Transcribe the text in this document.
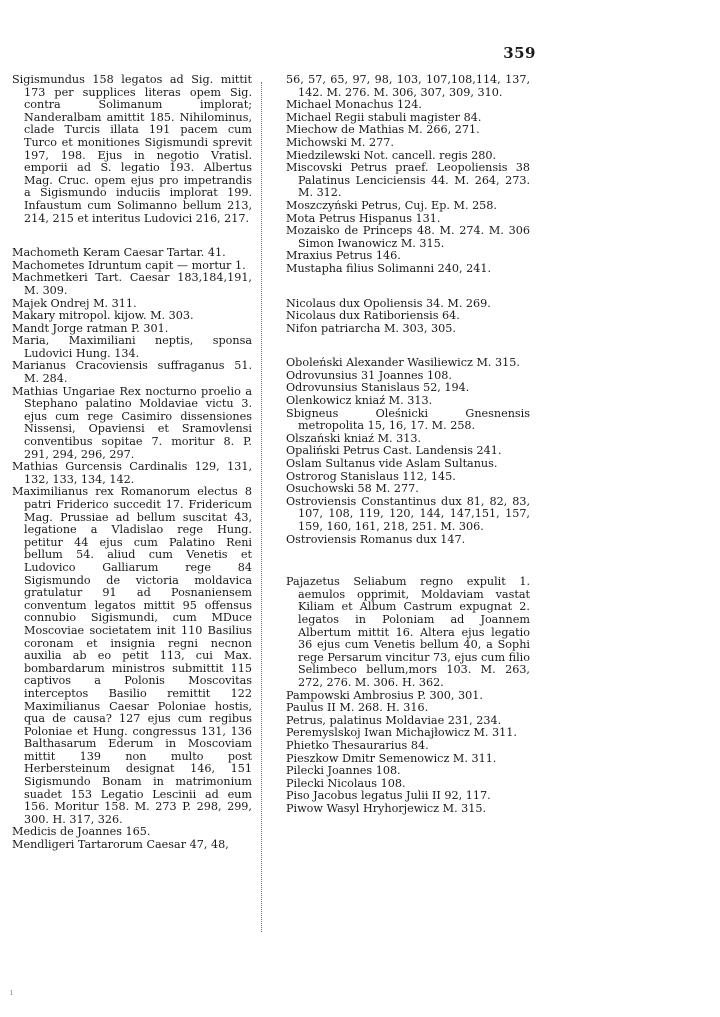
359

Sigismundus 158 legatos ad Sig. mittit 173 per supplices literas opem Sig. contra Solimanum implorat; Nanderalbam amittit 185. Nihilominus, clade Turcis illata 191 pacem cum Turco et monitiones Sigismundi sprevit 197, 198. Ejus in negotio Vratisl. emporii ad S. legatio 193. Albertus Mag. Cruc. opem ejus pro impetrandis a Sigismundo induciis implorat 199. Infaustum cum Solimanno bellum 213, 214, 215 et interitus Ludovici 216, 217.

Machometh Keram Caesar Tartar. 41.

Machometes Idruntum capit — mortur 1.

Machmetkeri Tart. Caesar 183,184,191, M. 309.

Majek Ondrej M. 311.

Makary mitropol. kijow. M. 303.

Mandt Jorge ratman P. 301.

Maria, Maximiliani neptis, sponsa Ludovici Hung. 134.

Marianus Cracoviensis suffraganus 51. M. 284.

Mathias Ungariae Rex nocturno proelio a Stephano palatino Moldaviae victu 3. ejus cum rege Casimiro dissensiones Nissensi, Opaviensi et Sramovlensi conventibus sopitae 7. moritur 8. P. 291, 294, 296, 297.

Mathias Gurcensis Cardinalis 129, 131, 132, 133, 134, 142.

Maximilianus rex Romanorum electus 8 patri Friderico succedit 17. Fridericum Mag. Prussiae ad bellum suscitat 43, legatione a Vladislao rege Hung. petitur 44 ejus cum Palatino Reni bellum 54. aliud cum Venetis et Ludovico Galliarum rege 84 Sigismundo de victoria moldavica gratulatur 91 ad Posnaniensem conventum legatos mittit 95 offensus connubio Sigismundi, cum MDuce Moscoviae societatem init 110 Basilius coronam et insignia regni necnon auxilia ab eo petit 113, cui Max. bombardarum ministros submittit 115 captivos a Polonis Moscovitas interceptos Basilio remittit 122 Maximilianus Caesar Poloniae hostis, qua de causa? 127 ejus cum regibus Poloniae et Hung. congressus 131, 136 Balthasarum Ederum in Moscoviam mittit 139 non multo post Herbersteinum designat 146, 151 Sigismundo Bonam in matrimonium suadet 153 Legatio Lescinii ad eum 156. Moritur 158. M. 273 P. 298, 299, 300. H. 317, 326.

Medicis de Joannes 165.

Mendligeri Tartarorum Caesar 47, 48,

56, 57, 65, 97, 98, 103, 107,108,114, 137, 142. M. 276. M. 306, 307, 309, 310.

Michael Monachus 124.

Michael Regii stabuli magister 84.

Miechow de Mathias M. 266, 271.

Michowski M. 277.

Miedzilewski Not. cancell. regis 280.

Miscovski Petrus praef. Leopoliensis 38 Palatinus Lenciciensis 44. M. 264, 273. M. 312.

Moszczyński Petrus, Cuj. Ep. M. 258.

Mota Petrus Hispanus 131.

Mozaisko de Princeps 48. M. 274. M. 306 Simon Iwanowicz M. 315.

Mraxius Petrus 146.

Mustapha filius Solimanni 240, 241.

Nicolaus dux Opoliensis 34. M. 269.

Nicolaus dux Ratiboriensis 64.

Nifon patriarcha M. 303, 305.

Oboleński Alexander Wasiliewicz M. 315.

Odrovunsius 31 Joannes 108.

Odrovunsius Stanislaus 52, 194.

Olenkowicz kniaź M. 313.

Sbigneus Oleśnicki Gnesnensis metropolita 15, 16, 17. M. 258.

Olszański kniaź M. 313.

Opaliński Petrus Cast. Landensis 241.

Oslam Sultanus vide Aslam Sultanus.

Ostrorog Stanislaus 112, 145.

Osuchowski 58 M. 277.

Ostroviensis Constantinus dux 81, 82, 83, 107, 108, 119, 120, 144, 147,151, 157, 159, 160, 161, 218, 251. M. 306.

Ostroviensis Romanus dux 147.

Pajazetus Seliabum regno expulit 1. aemulos opprimit, Moldaviam vastat Kiliam et Album Castrum expugnat 2. legatos in Poloniam ad Joannem Albertum mittit 16. Altera ejus legatio 36 ejus cum Venetis bellum 40, a Sophi rege Persarum vincitur 73, ejus cum filio Selimbeco bellum,mors 103. M. 263, 272, 276. M. 306. H. 362.

Pampowski Ambrosius P. 300, 301.

Paulus II M. 268. H. 316.

Petrus, palatinus Moldaviae 231, 234.

Peremyslskoj Iwan Michajłowicz M. 311.

Phietko Thesaurarius 84.

Pieszkow Dmitr Semenowicz M. 311.

Pilecki Joannes 108.

Pilecki Nicolaus 108.

Piso Jacobus legatus Julii II 92, 117.

Piwow Wasyl Hryhorjewicz M. 315.

ı
